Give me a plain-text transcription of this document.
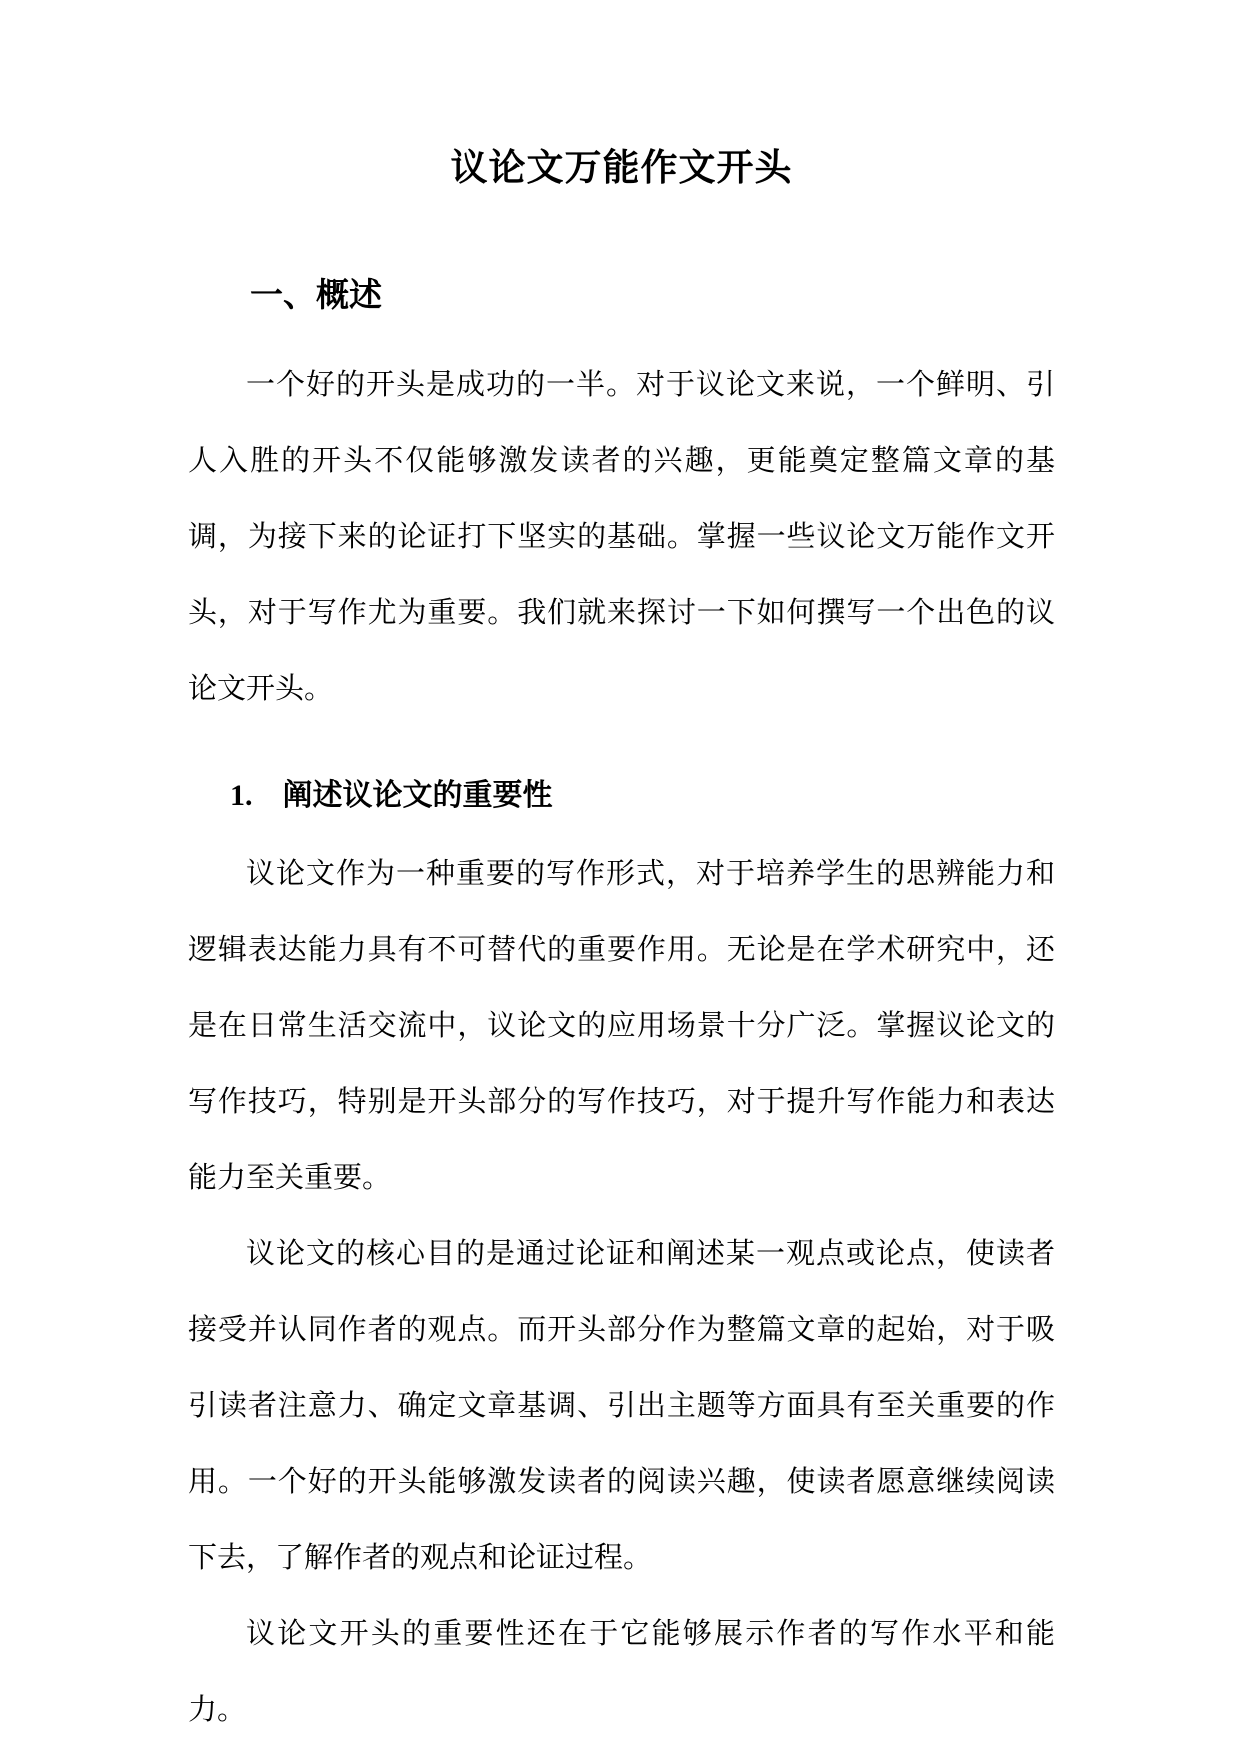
议论文万能作文开头
一、概述

一个好的开头是成功的一半。对于议论文来说，一个鲜明、引人入胜的开头不仅能够激发读者的兴趣，更能奠定整篇文章的基调，为接下来的论证打下坚实的基础。掌握一些议论文万能作文开头，对于写作尤为重要。我们就来探讨一下如何撰写一个出色的议论文开头。

1. 阐述议论文的重要性

议论文作为一种重要的写作形式，对于培养学生的思辨能力和逻辑表达能力具有不可替代的重要作用。无论是在学术研究中，还是在日常生活交流中，议论文的应用场景十分广泛。掌握议论文的写作技巧，特别是开头部分的写作技巧，对于提升写作能力和表达能力至关重要。

议论文的核心目的是通过论证和阐述某一观点或论点，使读者接受并认同作者的观点。而开头部分作为整篇文章的起始，对于吸引读者注意力、确定文章基调、引出主题等方面具有至关重要的作用。一个好的开头能够激发读者的阅读兴趣，使读者愿意继续阅读下去，了解作者的观点和论证过程。

议论文开头的重要性还在于它能够展示作者的写作水平和能力。
